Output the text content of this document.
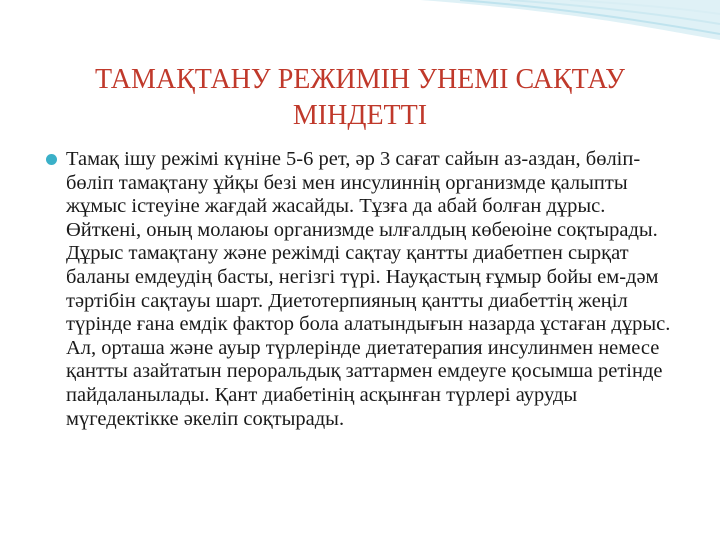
ТАМАҚТАНУ РЕЖИМІН УНЕМІ САҚТАУ
МІНДЕТТІ
Тамақ ішу режімі күніне 5-6 рет, әр 3 сағат сайын аз-аздан, бөліп-бөліп тамақтану ұйқы безі мен инсулиннің организмде қалыпты жұмыс істеуіне жағдай жасайды. Тұзға да абай болған дұрыс. Өйткені, оның молаюы организмде ылғалдың көбеюіне соқтырады. Дұрыс тамақтану және режімді сақтау қантты диабетпен сырқат баланы емдеудің басты, негізгі түрі. Науқастың ғұмыр бойы ем-дәм тәртібін сақтауы шарт. Диетотерпияның қантты диабеттің жеңіл түрінде ғана емдік фактор бола алатындығын назарда ұстаған дұрыс. Ал, орташа және ауыр түрлерінде диетатерапия инсулинмен немесе қантты азайтатын пероральдық заттармен емдеуге қосымша ретінде пайдаланылады. Қант диабетінің асқынған түрлері ауруды мүгедектікке әкеліп соқтырады.
